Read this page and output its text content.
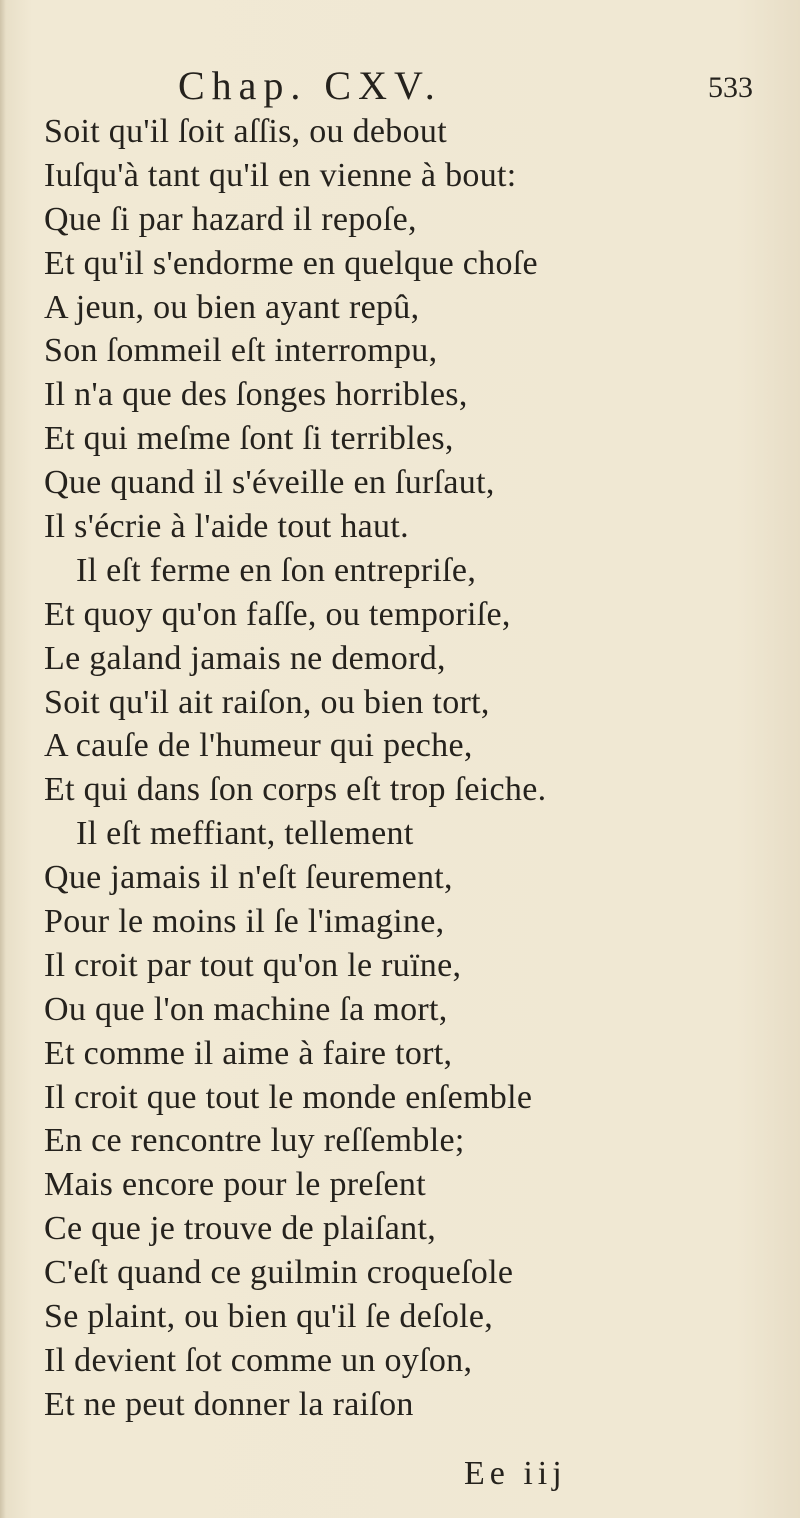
Chap. CXV.	533
Soit qu'il ſoit aſſis, ou debout
Iuſqu'à tant qu'il en vienne à bout:
Que ſi par hazard il repoſe,
Et qu'il s'endorme en quelque choſe
A jeun, ou bien ayant repû,
Son ſommeil eſt interrompu,
Il n'a que des ſonges horribles,
Et qui meſme ſont ſi terribles,
Que quand il s'éveille en ſurſaut,
Il s'écrie à l'aide tout haut.
Il eſt ferme en ſon entrepriſe,
Et quoy qu'on faſſe, ou temporiſe,
Le galand jamais ne demord,
Soit qu'il ait raiſon, ou bien tort,
A cauſe de l'humeur qui peche,
Et qui dans ſon corps eſt trop ſeiche.
Il eſt meffiant, tellement
Que jamais il n'eſt ſeurement,
Pour le moins il ſe l'imagine,
Il croit par tout qu'on le ruïne,
Ou que l'on machine ſa mort,
Et comme il aime à faire tort,
Il croit que tout le monde enſemble
En ce rencontre luy reſſemble;
Mais encore pour le preſent
Ce que je trouve de plaiſant,
C'eſt quand ce guilmin croqueſole
Se plaint, ou bien qu'il ſe deſole,
Il devient ſot comme un oyſon,
Et ne peut donner la raiſon
Ee iij
